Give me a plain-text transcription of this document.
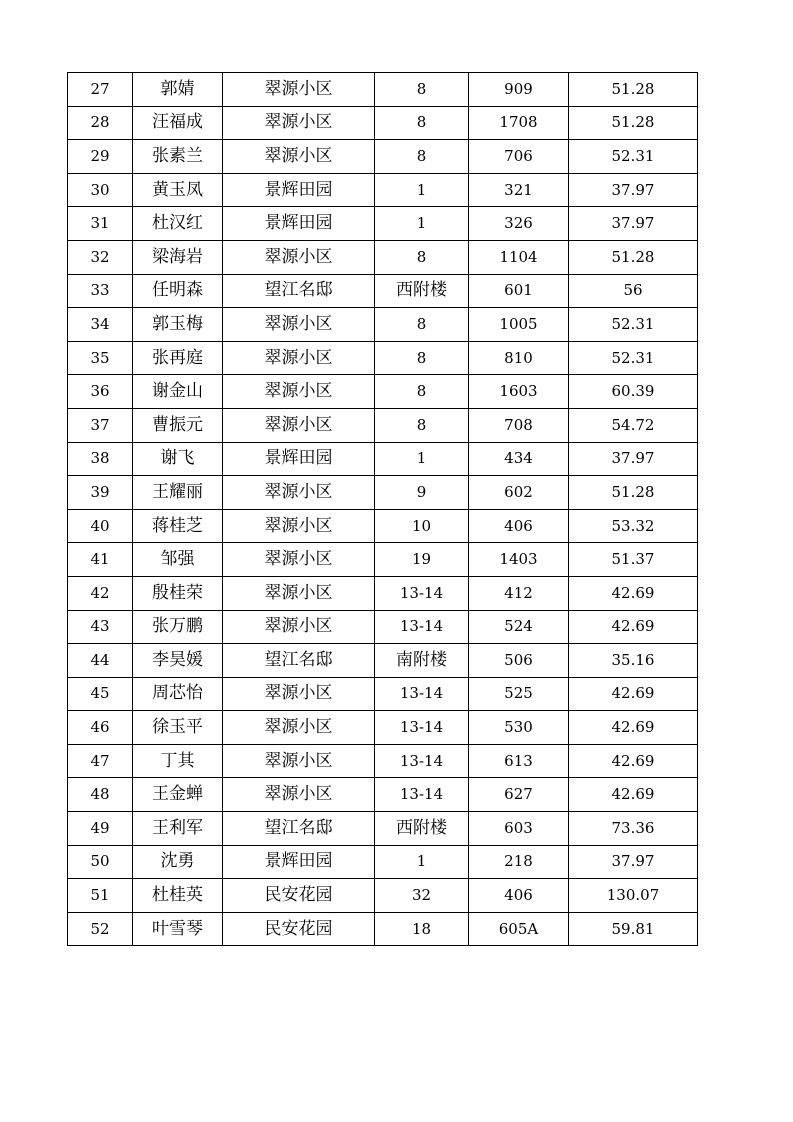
27	郭婧	翠源小区	8	909	51.28
28	汪福成	翠源小区	8	1708	51.28
29	张素兰	翠源小区	8	706	52.31
30	黄玉凤	景辉田园	1	321	37.97
31	杜汉红	景辉田园	1	326	37.97
32	梁海岩	翠源小区	8	1104	51.28
33	任明森	望江名邸	西附楼	601	56
34	郭玉梅	翠源小区	8	1005	52.31
35	张再庭	翠源小区	8	810	52.31
36	谢金山	翠源小区	8	1603	60.39
37	曹振元	翠源小区	8	708	54.72
38	谢飞	景辉田园	1	434	37.97
39	王耀丽	翠源小区	9	602	51.28
40	蒋桂芝	翠源小区	10	406	53.32
41	邹强	翠源小区	19	1403	51.37
42	殷桂荣	翠源小区	13-14	412	42.69
43	张万鹏	翠源小区	13-14	524	42.69
44	李昊媛	望江名邸	南附楼	506	35.16
45	周芯怡	翠源小区	13-14	525	42.69
46	徐玉平	翠源小区	13-14	530	42.69
47	丁其	翠源小区	13-14	613	42.69
48	王金蝉	翠源小区	13-14	627	42.69
49	王利军	望江名邸	西附楼	603	73.36
50	沈勇	景辉田园	1	218	37.97
51	杜桂英	民安花园	32	406	130.07
52	叶雪琴	民安花园	18	605A	59.81
